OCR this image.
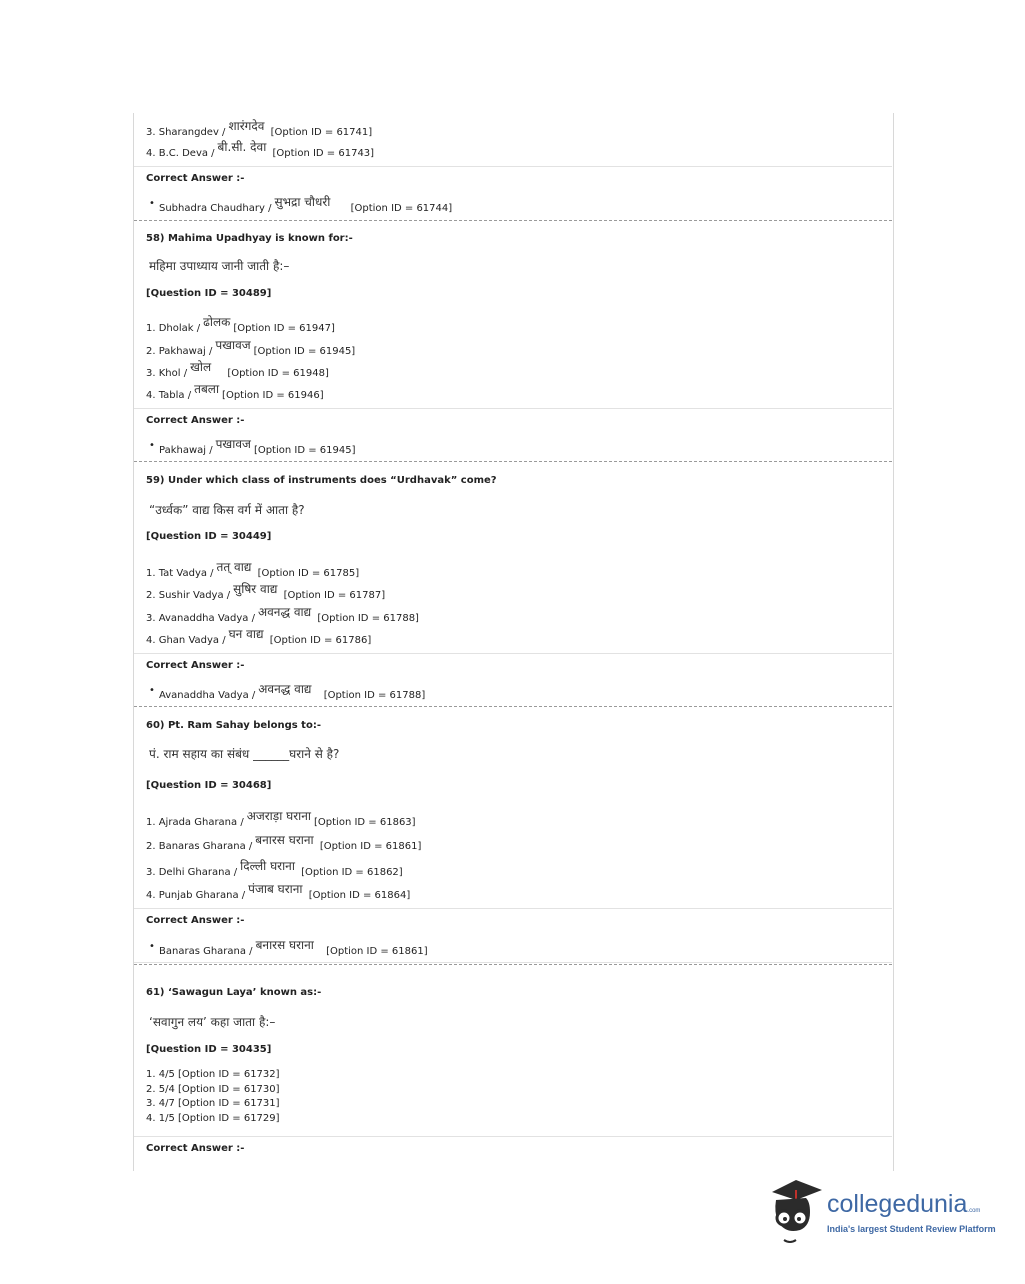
3. Sharangdev / शारंगदेव [Option ID = 61741]
4. B.C. Deva / बी.सी. देवा [Option ID = 61743]
Correct Answer :-
• Subhadra Chaudhary / सुभद्रा चौधरी [Option ID = 61744]
58) Mahima Upadhyay is known for:-
महिमा उपाध्याय जानी जाती है:–
[Question ID = 30489]
1. Dholak / ढोलक [Option ID = 61947]
2. Pakhawaj / पखावज [Option ID = 61945]
3. Khol / खोल [Option ID = 61948]
4. Tabla / तबला [Option ID = 61946]
Correct Answer :-
• Pakhawaj / पखावज [Option ID = 61945]
59) Under which class of instruments does “Urdhavak” come?
“उर्ध्वक” वाद्य किस वर्ग में आता है?
[Question ID = 30449]
1. Tat Vadya / तत् वाद्य [Option ID = 61785]
2. Sushir Vadya / सुषिर वाद्य [Option ID = 61787]
3. Avanaddha Vadya / अवनद्ध वाद्य [Option ID = 61788]
4. Ghan Vadya / घन वाद्य [Option ID = 61786]
Correct Answer :-
• Avanaddha Vadya / अवनद्ध वाद्य [Option ID = 61788]
60) Pt. Ram Sahay belongs to:-
पं. राम सहाय का संबंध ______घराने से है?
[Question ID = 30468]
1. Ajrada Gharana / अजराड़ा घराना [Option ID = 61863]
2. Banaras Gharana / बनारस घराना [Option ID = 61861]
3. Delhi Gharana / दिल्ली घराना [Option ID = 61862]
4. Punjab Gharana / पंजाब घराना [Option ID = 61864]
Correct Answer :-
• Banaras Gharana / बनारस घराना [Option ID = 61861]
61) ‘Sawagun Laya’ known as:-
‘सवागुन लय’ कहा जाता है:–
[Question ID = 30435]
1. 4/5 [Option ID = 61732]
2. 5/4 [Option ID = 61730]
3. 4/7 [Option ID = 61731]
4. 1/5 [Option ID = 61729]
Correct Answer :-
collegedunia.com
India's largest Student Review Platform
